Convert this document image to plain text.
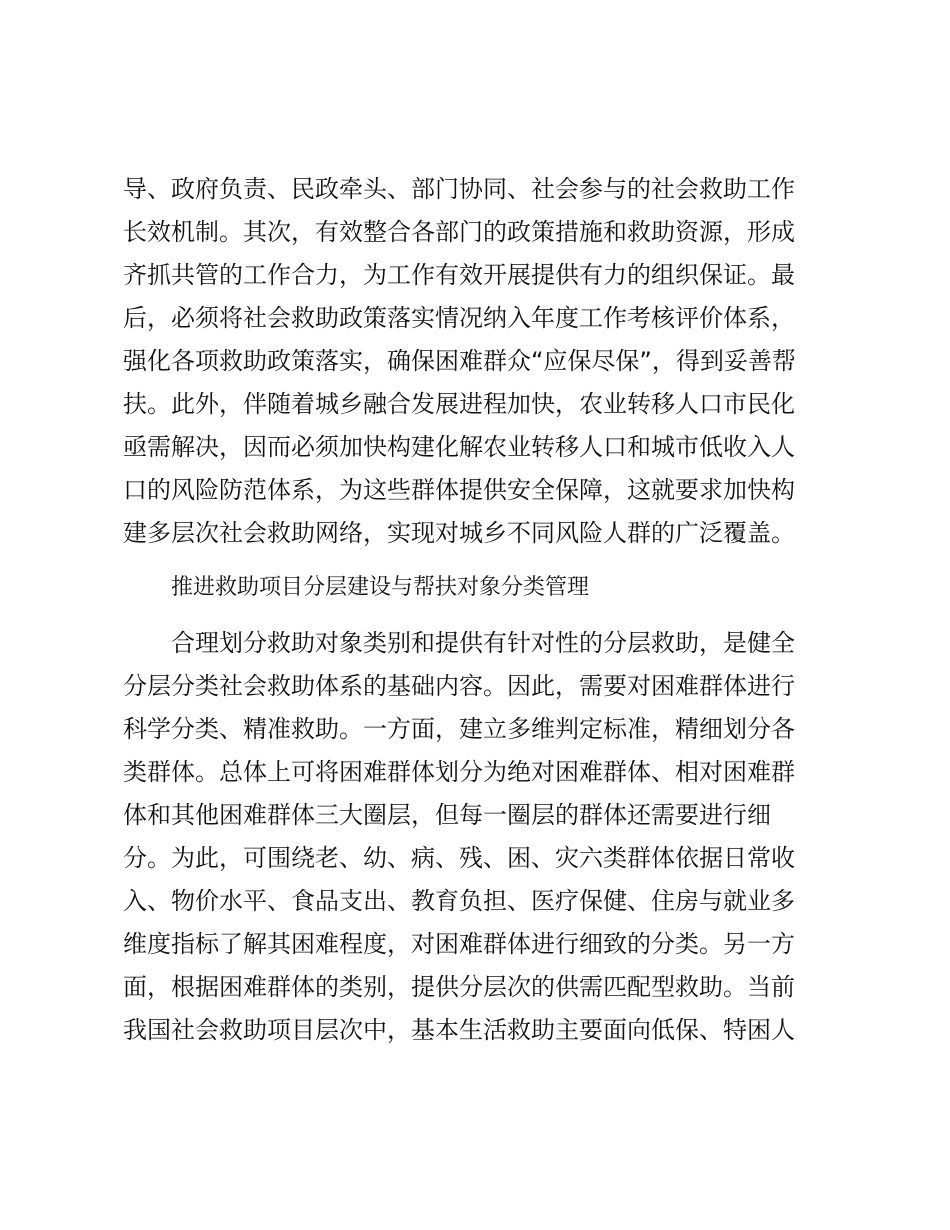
导、政府负责、民政牵头、部门协同、社会参与的社会救助工作
长效机制。其次，有效整合各部门的政策措施和救助资源，形成
齐抓共管的工作合力，为工作有效开展提供有力的组织保证。最
后，必须将社会救助政策落实情况纳入年度工作考核评价体系，
强化各项救助政策落实，确保困难群众“应保尽保”，得到妥善帮
扶。此外，伴随着城乡融合发展进程加快，农业转移人口市民化
亟需解决，因而必须加快构建化解农业转移人口和城市低收入人
口的风险防范体系，为这些群体提供安全保障，这就要求加快构
建多层次社会救助网络，实现对城乡不同风险人群的广泛覆盖。
推进救助项目分层建设与帮扶对象分类管理
合理划分救助对象类别和提供有针对性的分层救助，是健全
分层分类社会救助体系的基础内容。因此，需要对困难群体进行
科学分类、精准救助。一方面，建立多维判定标准，精细划分各
类群体。总体上可将困难群体划分为绝对困难群体、相对困难群
体和其他困难群体三大圈层，但每一圈层的群体还需要进行细
分。为此，可围绕老、幼、病、残、困、灾六类群体依据日常收
入、物价水平、食品支出、教育负担、医疗保健、住房与就业多
维度指标了解其困难程度，对困难群体进行细致的分类。另一方
面，根据困难群体的类别，提供分层次的供需匹配型救助。当前
我国社会救助项目层次中，基本生活救助主要面向低保、特困人
